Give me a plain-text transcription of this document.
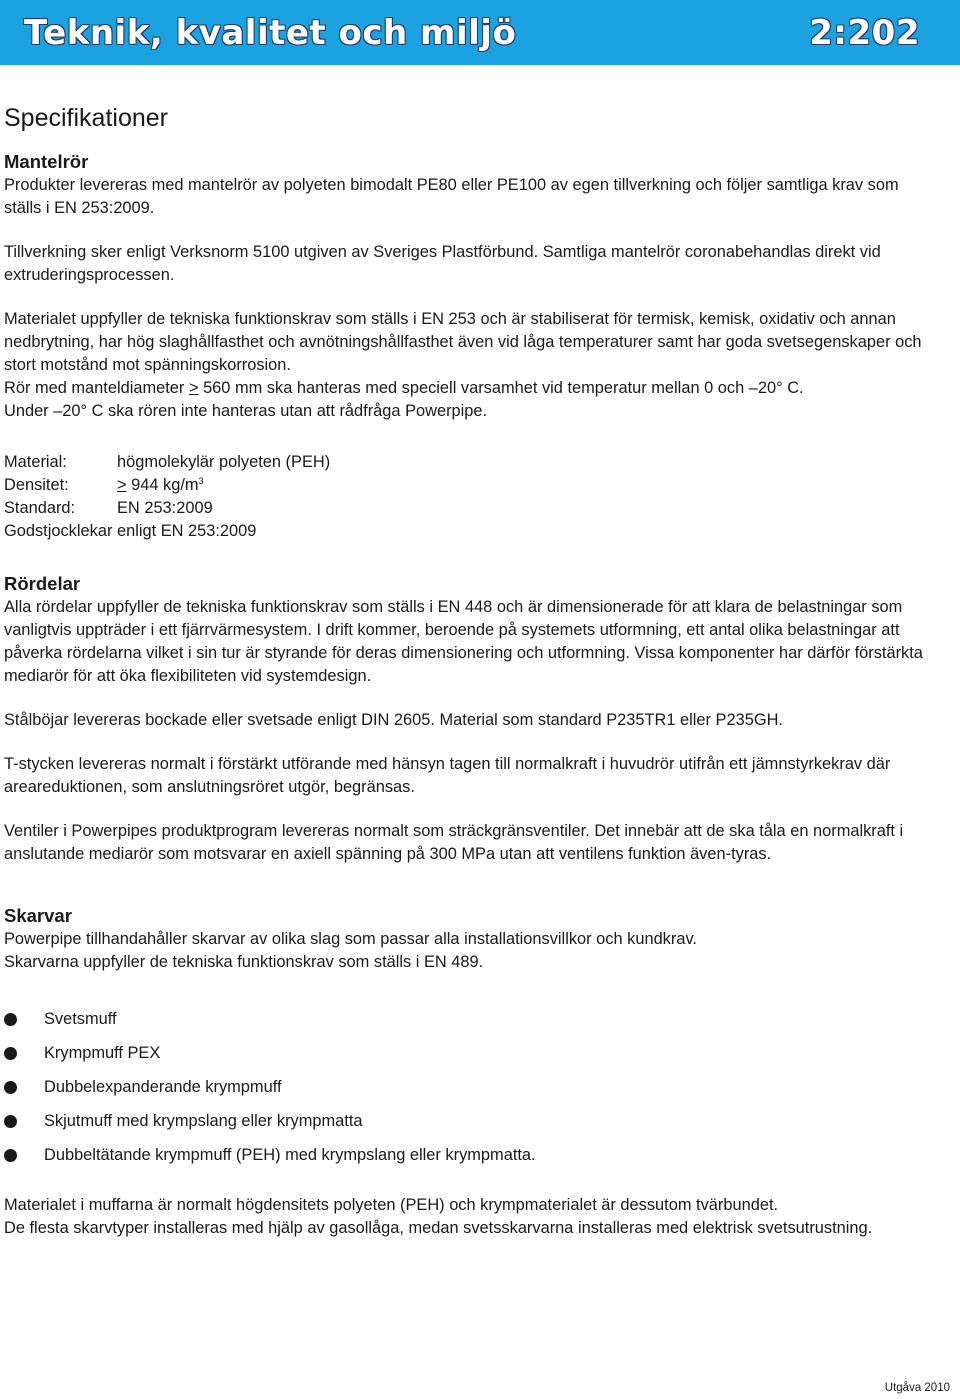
Teknik, kvalitet och miljö	2:202
Specifikationer
Mantelrör

Produkter levereras med mantelrör av polyeten bimodalt PE80 eller PE100 av egen tillverkning och följer samtliga krav som ställs i EN 253:2009.

Tillverkning sker enligt Verksnorm 5100 utgiven av Sveriges Plastförbund. Samtliga mantelrör coronabehandlas direkt vid extruderingsprocessen.

Materialet uppfyller de tekniska funktionskrav som ställs i EN 253 och är stabiliserat för termisk, kemisk, oxidativ och annan nedbrytning, har hög slaghållfasthet och avnötningshållfasthet även vid låga temperaturer samt har goda svetsegenskaper och stort motstånd mot spänningskorrosion.

Rör med manteldiameter ≥ 560 mm ska hanteras med speciell varsamhet vid temperatur mellan 0 och –20° C.

Under –20° C ska rören inte hanteras utan att rådfråga Powerpipe.

Material:	högmolekylär polyeten (PEH)
Densitet:	> 944 $kg/m^3$
Standard:	EN 253:2009

Godstjocklekar enligt EN 253:2009

Rördelar

Alla rördelar uppfyller de tekniska funktionskrav som ställs i EN 448 och är dimensionerade för att klara de belastningar som vanligtvis uppträder i ett fjärrvärmesystem. I drift kommer, beroende på systemets utformning, ett antal olika belastningar att påverka rördelarna vilket i sin tur är styrande för deras dimensionering och utformning. Vissa komponenter har därför förstärkta mediarör för att öka flexibiliteten vid systemdesign.

Stålböjar levereras bockade eller svetsade enligt DIN 2605. Material som standard P235TR1 eller P235GH.

T-stycken levereras normalt i förstärkt utförande med hänsyn tagen till normalkraft i huvudrör utifrån ett jämnstyrkekrav där areareduktionen, som anslutningsröret utgör, begränsas.

Ventiler i Powerpipes produktprogram levereras normalt som sträckgränsventiler. Det innebär att de ska tåla en normalkraft i anslutande mediarör som motsvarar en axiell spänning på 300 MPa utan att ventilens funktion även-tyras.

Skarvar

Powerpipe tillhandahåller skarvar av olika slag som passar alla installationsvillkor och kundkrav.

Skarvarna uppfyller de tekniska funktionskrav som ställs i EN 489.

Svetsmuff
Krympmuff PEX
Dubbelexpanderande krympmuff
Skjutmuff med krympslang eller krympmatta
Dubbeltätande krympmuff (PEH) med krympslang eller krympmatta.

Materialet i muffarna är normalt högdensitets polyeten (PEH) och krympmaterialet är dessutom tvärbundet.

De flesta skarvtyper installeras med hjälp av gasollåga, medan svetsskarvarna installeras med elektrisk svetsutrustning.

Utgåva 2010
